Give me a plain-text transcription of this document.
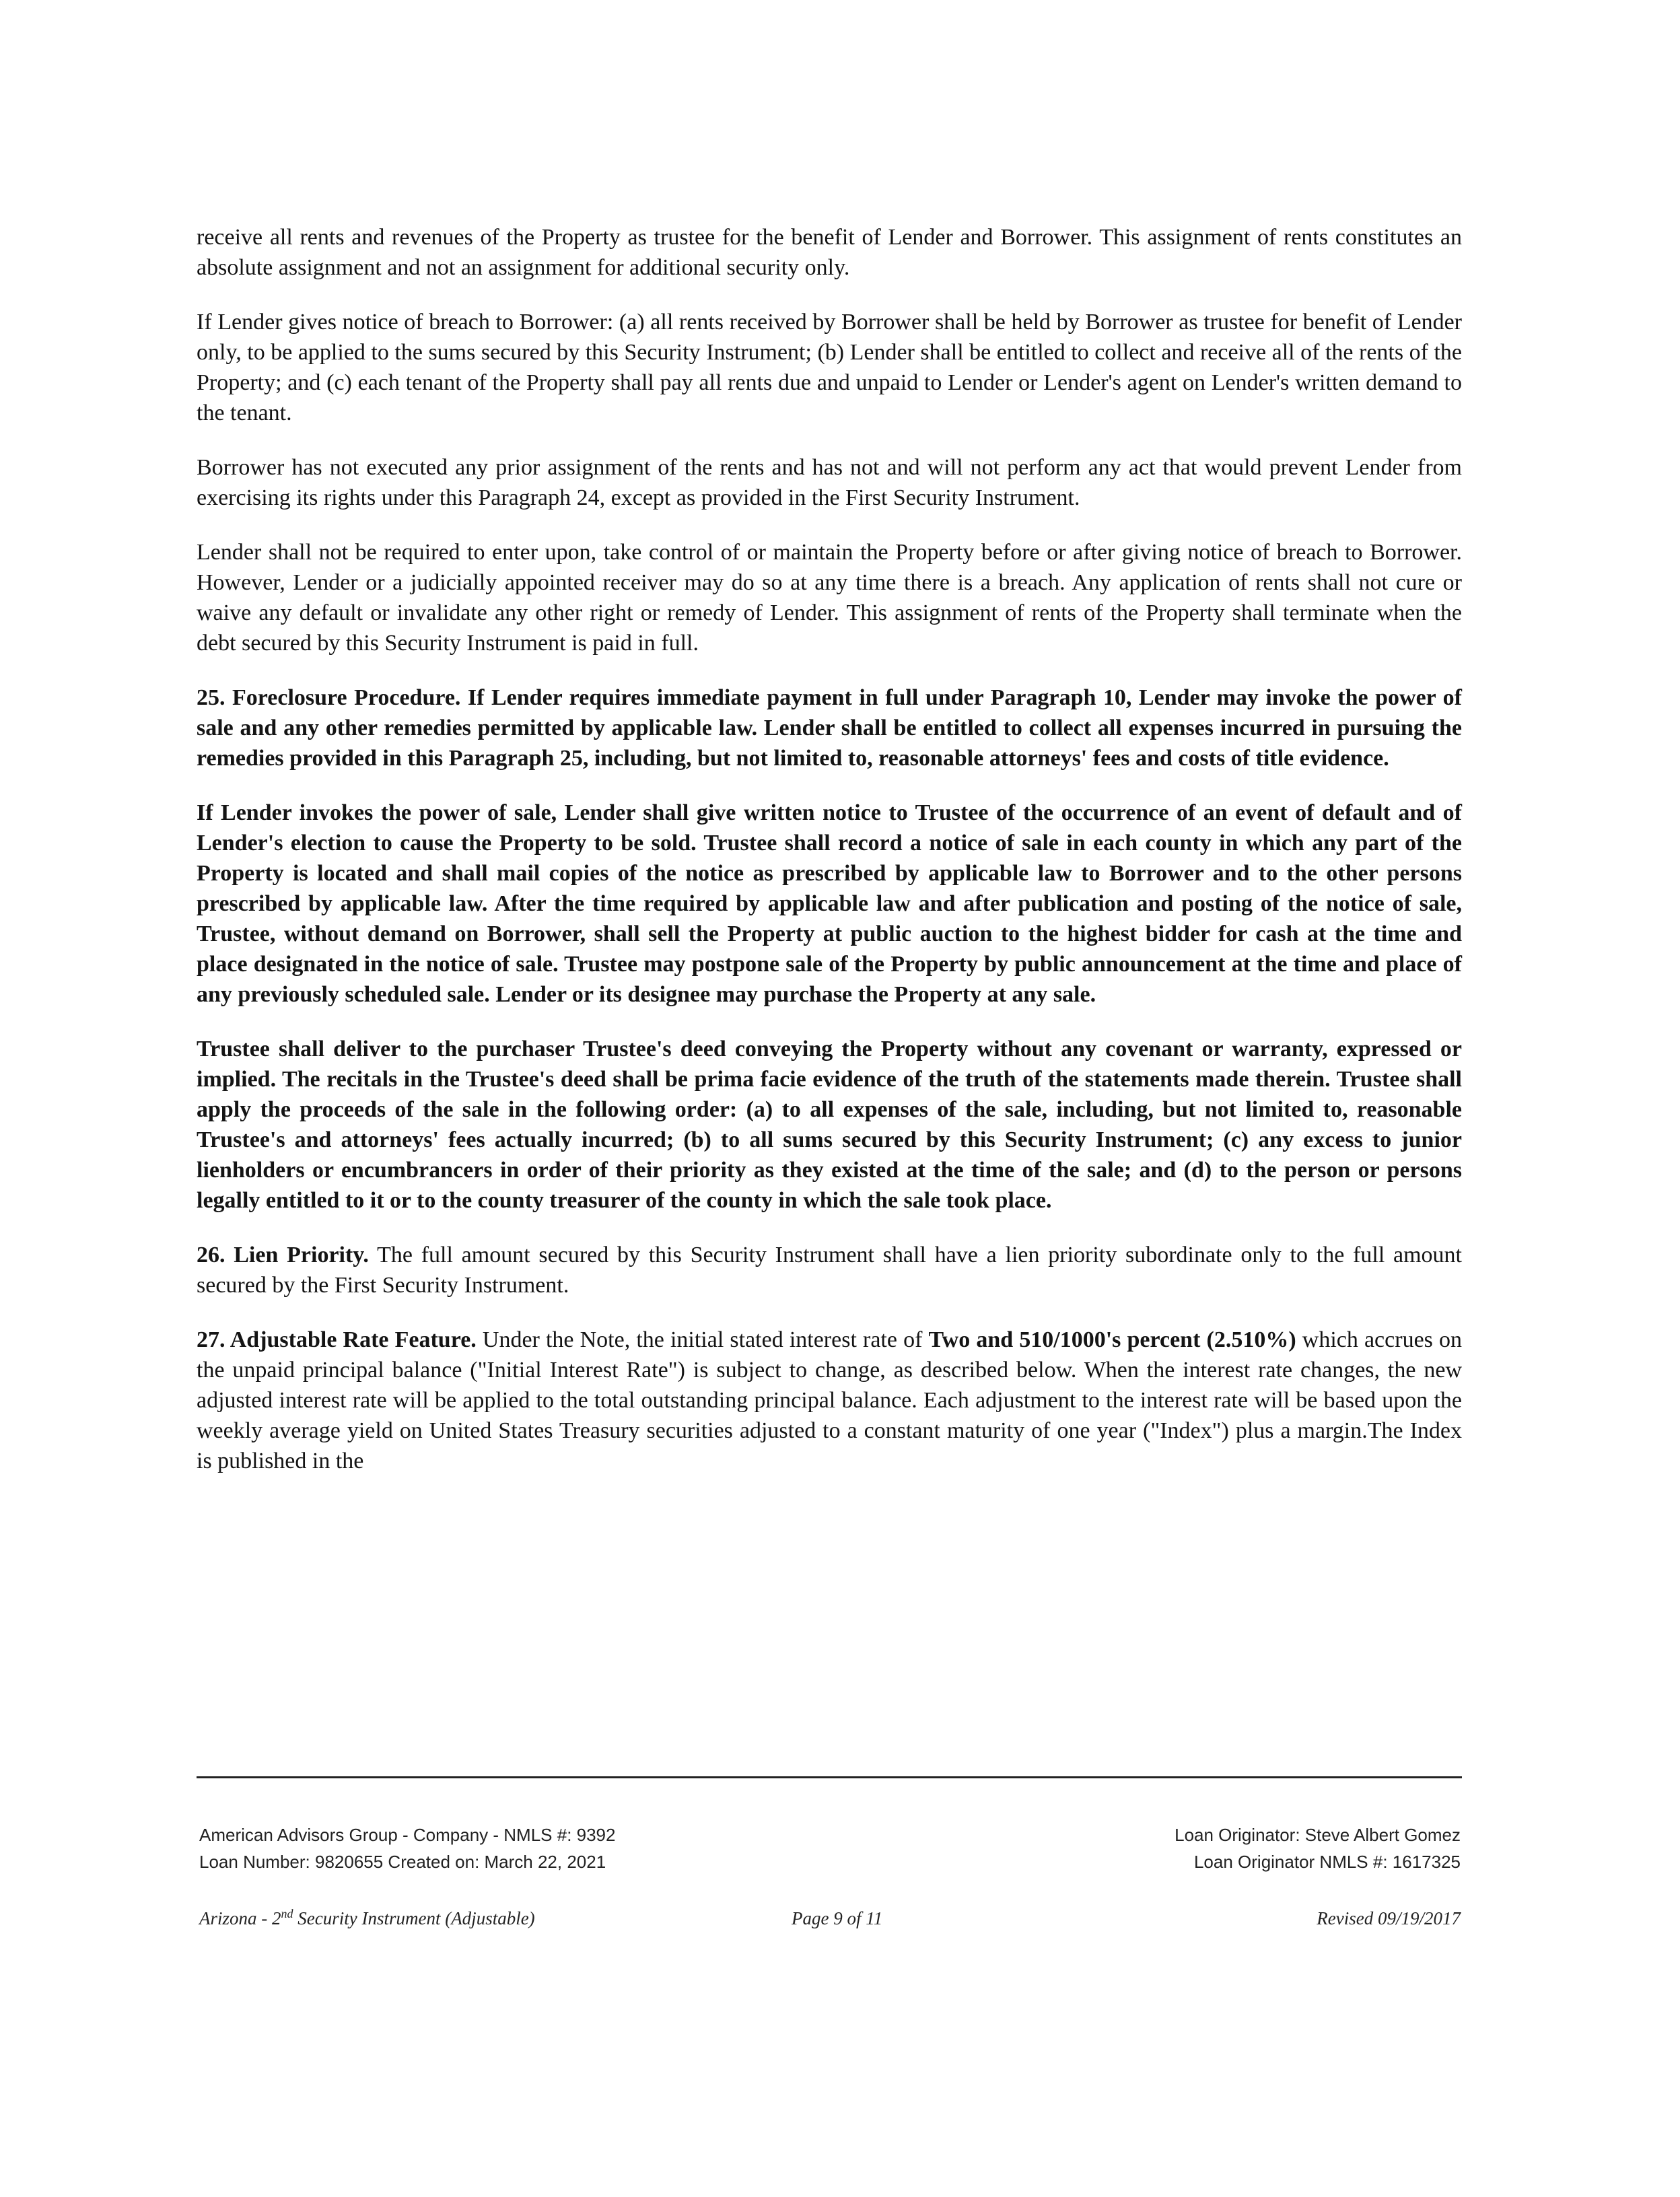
receive all rents and revenues of the Property as trustee for the benefit of Lender and Borrower. This assignment of rents constitutes an absolute assignment and not an assignment for additional security only.

If Lender gives notice of breach to Borrower: (a) all rents received by Borrower shall be held by Borrower as trustee for benefit of Lender only, to be applied to the sums secured by this Security Instrument; (b) Lender shall be entitled to collect and receive all of the rents of the Property; and (c) each tenant of the Property shall pay all rents due and unpaid to Lender or Lender's agent on Lender's written demand to the tenant.

Borrower has not executed any prior assignment of the rents and has not and will not perform any act that would prevent Lender from exercising its rights under this Paragraph 24, except as provided in the First Security Instrument.

Lender shall not be required to enter upon, take control of or maintain the Property before or after giving notice of breach to Borrower. However, Lender or a judicially appointed receiver may do so at any time there is a breach. Any application of rents shall not cure or waive any default or invalidate any other right or remedy of Lender. This assignment of rents of the Property shall terminate when the debt secured by this Security Instrument is paid in full.

25. Foreclosure Procedure. If Lender requires immediate payment in full under Paragraph 10, Lender may invoke the power of sale and any other remedies permitted by applicable law. Lender shall be entitled to collect all expenses incurred in pursuing the remedies provided in this Paragraph 25, including, but not limited to, reasonable attorneys' fees and costs of title evidence.

If Lender invokes the power of sale, Lender shall give written notice to Trustee of the occurrence of an event of default and of Lender's election to cause the Property to be sold. Trustee shall record a notice of sale in each county in which any part of the Property is located and shall mail copies of the notice as prescribed by applicable law to Borrower and to the other persons prescribed by applicable law. After the time required by applicable law and after publication and posting of the notice of sale, Trustee, without demand on Borrower, shall sell the Property at public auction to the highest bidder for cash at the time and place designated in the notice of sale. Trustee may postpone sale of the Property by public announcement at the time and place of any previously scheduled sale. Lender or its designee may purchase the Property at any sale.

Trustee shall deliver to the purchaser Trustee's deed conveying the Property without any covenant or warranty, expressed or implied. The recitals in the Trustee's deed shall be prima facie evidence of the truth of the statements made therein. Trustee shall apply the proceeds of the sale in the following order: (a) to all expenses of the sale, including, but not limited to, reasonable Trustee's and attorneys' fees actually incurred; (b) to all sums secured by this Security Instrument; (c) any excess to junior lienholders or encumbrancers in order of their priority as they existed at the time of the sale; and (d) to the person or persons legally entitled to it or to the county treasurer of the county in which the sale took place.

26. Lien Priority. The full amount secured by this Security Instrument shall have a lien priority subordinate only to the full amount secured by the First Security Instrument.

27. Adjustable Rate Feature. Under the Note, the initial stated interest rate of Two and 510/1000's percent (2.510%) which accrues on the unpaid principal balance ("Initial Interest Rate") is subject to change, as described below. When the interest rate changes, the new adjusted interest rate will be applied to the total outstanding principal balance. Each adjustment to the interest rate will be based upon the weekly average yield on United States Treasury securities adjusted to a constant maturity of one year ("Index") plus a margin.The Index is published in the

American Advisors Group - Company - NMLS #: 9392
Loan Number: 9820655 Created on: March 22, 2021
Loan Originator: Steve Albert Gomez
Loan Originator NMLS #: 1617325
Arizona - 2nd Security Instrument (Adjustable)	Page 9 of 11	Revised 09/19/2017
